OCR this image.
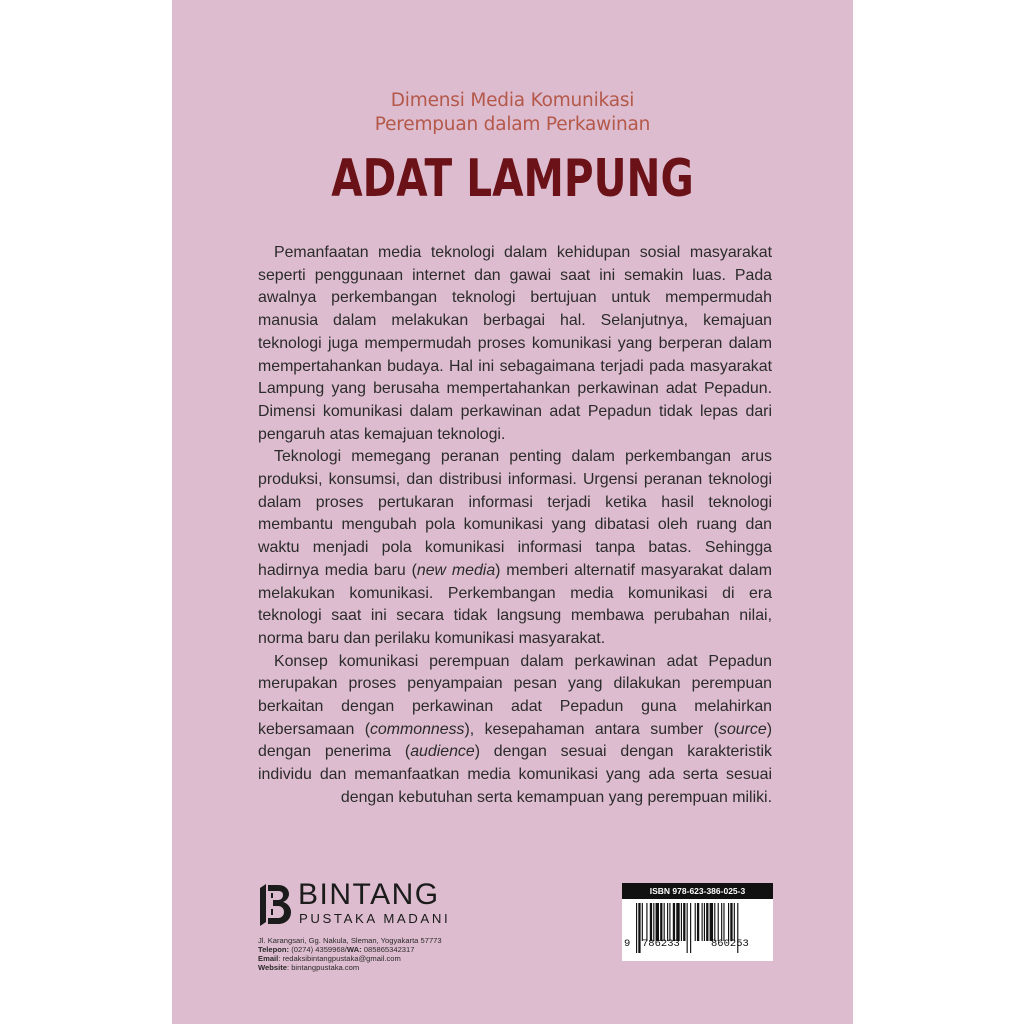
Dimensi Media Komunikasi
Perempuan dalam Perkawinan
ADAT LAMPUNG

Pemanfaatan media teknologi dalam kehidupan sosial masyarakat seperti penggunaan internet dan gawai saat ini semakin luas. Pada awalnya perkembangan teknologi bertujuan untuk mempermudah manusia dalam melakukan berbagai hal. Selanjutnya, kemajuan teknologi juga mempermudah proses komunikasi yang berperan dalam mempertahankan budaya. Hal ini sebagaimana terjadi pada masyarakat Lampung yang berusaha mempertahankan perkawinan adat Pepadun. Dimensi komunikasi dalam perkawinan adat Pepadun tidak lepas dari pengaruh atas kemajuan teknologi.

Teknologi memegang peranan penting dalam perkembangan arus produksi, konsumsi, dan distribusi informasi. Urgensi peranan teknologi dalam proses pertukaran informasi terjadi ketika hasil teknologi membantu mengubah pola komunikasi yang dibatasi oleh ruang dan waktu menjadi pola komunikasi informasi tanpa batas. Sehingga hadirnya media baru (new media) memberi alternatif masyarakat dalam melakukan komunikasi. Perkembangan media komunikasi di era teknologi saat ini secara tidak langsung membawa perubahan nilai, norma baru dan perilaku komunikasi masyarakat.

Konsep komunikasi perempuan dalam perkawinan adat Pepadun merupakan proses penyampaian pesan yang dilakukan perempuan berkaitan dengan perkawinan adat Pepadun guna melahirkan kebersamaan (commonness), kesepahaman antara sumber (source) dengan penerima (audience) dengan sesuai dengan karakteristik individu dan memanfaatkan media komunikasi yang ada serta sesuai dengan kebutuhan serta kemampuan yang perempuan miliki.

BINTANG
PUSTAKA MADANI
Jl. Karangsari, Gg. Nakula, Sleman, Yogyakarta 57773
Telepon: (0274) 4359968/WA: 085865342317
Email: redaksibintangpustaka@gmail.com
Website: bintangpustaka.com
ISBN 978-623-386-025-3
9 786233	860253
